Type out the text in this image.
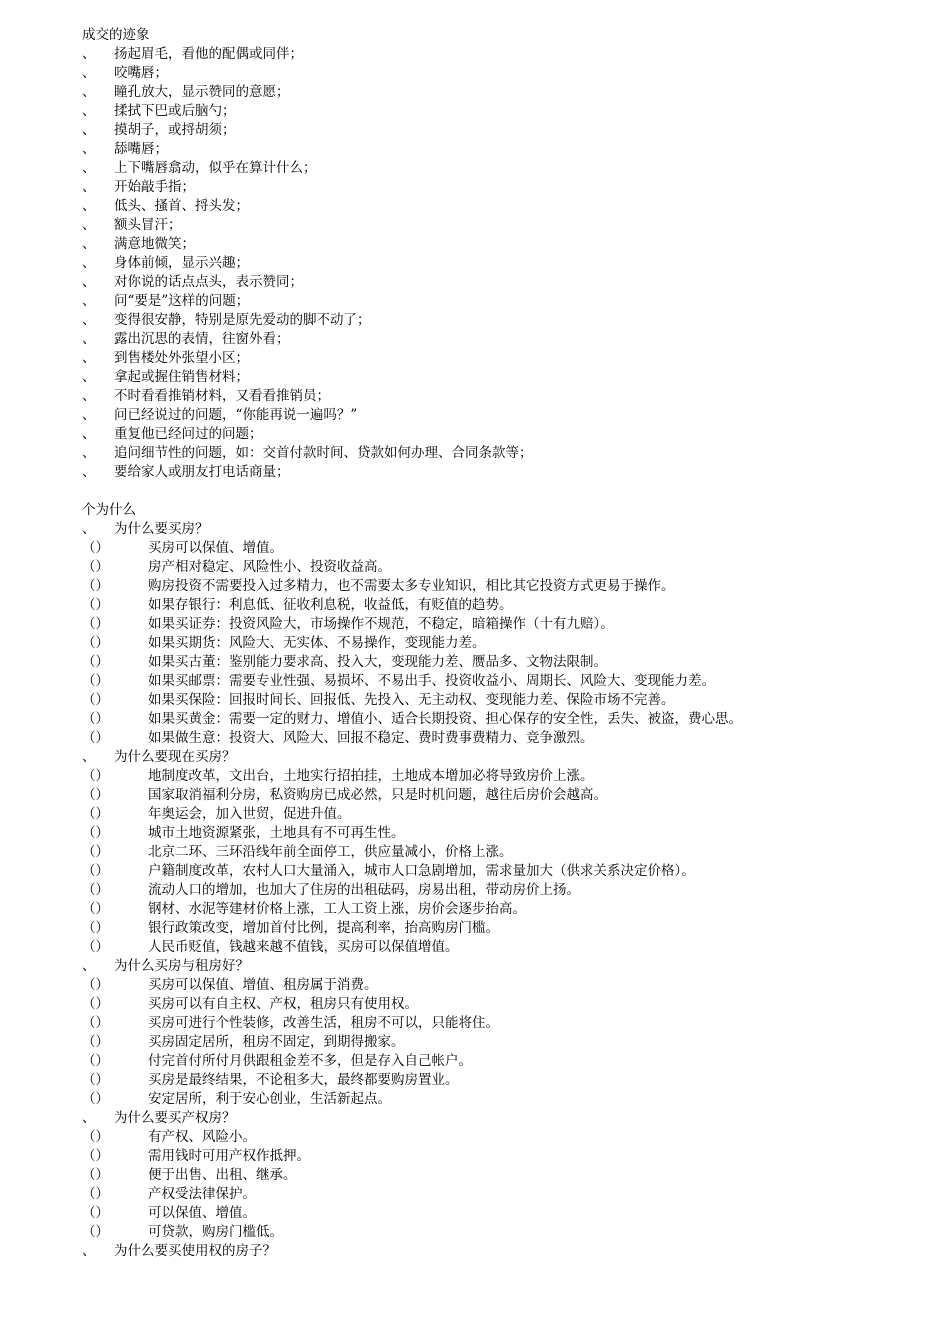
成交的迹象
、 扬起眉毛，看他的配偶或同伴；
、 咬嘴唇；
、 瞳孔放大，显示赞同的意愿；
、 揉拭下巴或后脑勺；
、 摸胡子，或捋胡须；
、 舔嘴唇；
、 上下嘴唇翕动，似乎在算计什么；
、 开始敲手指；
、 低头、搔首、捋头发；
、 额头冒汗；
、 满意地微笑；
、 身体前倾，显示兴趣；
、 对你说的话点点头，表示赞同；
、 问“要是”这样的问题；
、 变得很安静，特别是原先爱动的脚不动了；
、 露出沉思的表情，往窗外看；
、 到售楼处外张望小区；
、 拿起或握住销售材料；
、 不时看看推销材料，又看看推销员；
、 问已经说过的问题，“你能再说一遍吗？”
、 重复他已经问过的问题；
、 追问细节性的问题，如：交首付款时间、贷款如何办理、合同条款等；
、 要给家人或朋友打电话商量；
个为什么
、 为什么要买房？
（）	买房可以保值、增值。
（）	房产相对稳定、风险性小、投资收益高。
（）	购房投资不需要投入过多精力，也不需要太多专业知识，相比其它投资方式更易于操作。
（）	如果存银行：利息低、征收利息税，收益低，有贬值的趋势。
（）	如果买证券：投资风险大，市场操作不规范，不稳定，暗箱操作（十有九赔）。
（）	如果买期货：风险大、无实体、不易操作，变现能力差。
（）	如果买古董：鉴别能力要求高、投入大，变现能力差、赝品多、文物法限制。
（）	如果买邮票：需要专业性强、易损坏、不易出手、投资收益小、周期长、风险大、变现能力差。
（）	如果买保险：回报时间长、回报低、先投入、无主动权、变现能力差、保险市场不完善。
（）	如果买黄金：需要一定的财力、增值小、适合长期投资、担心保存的安全性，丢失、被盗，费心思。
（）	如果做生意：投资大、风险大、回报不稳定、费时费事费精力、竞争激烈。
、 为什么要现在买房？
（）	地制度改革，文出台，土地实行招拍挂，土地成本增加必将导致房价上涨。
（）	国家取消福利分房，私资购房已成必然，只是时机问题，越往后房价会越高。
（）	年奥运会，加入世贸，促进升值。
（）	城市土地资源紧张，土地具有不可再生性。
（）	北京二环、三环沿线年前全面停工，供应量减小，价格上涨。
（）	户籍制度改革，农村人口大量涌入，城市人口急剧增加，需求量加大（供求关系决定价格）。
（）	流动人口的增加，也加大了住房的出租砝码，房易出租，带动房价上扬。
（）	钢材、水泥等建材价格上涨，工人工资上涨，房价会逐步抬高。
（）	银行政策改变，增加首付比例，提高利率，抬高购房门槛。
（）	人民币贬值，钱越来越不值钱，买房可以保值增值。
、 为什么买房与租房好？
（）	买房可以保值、增值、租房属于消费。
（）	买房可以有自主权、产权，租房只有使用权。
（）	买房可进行个性装修，改善生活，租房不可以，只能将住。
（）	买房固定居所，租房不固定，到期得搬家。
（）	付完首付所付月供跟租金差不多，但是存入自己帐户。
（）	买房是最终结果，不论租多大，最终都要购房置业。
（）	安定居所，利于安心创业，生活新起点。
、 为什么要买产权房？
（）	有产权、风险小。
（）	需用钱时可用产权作抵押。
（）	便于出售、出租、继承。
（）	产权受法律保护。
（）	可以保值、增值。
（）	可贷款，购房门槛低。
、 为什么要买使用权的房子？
